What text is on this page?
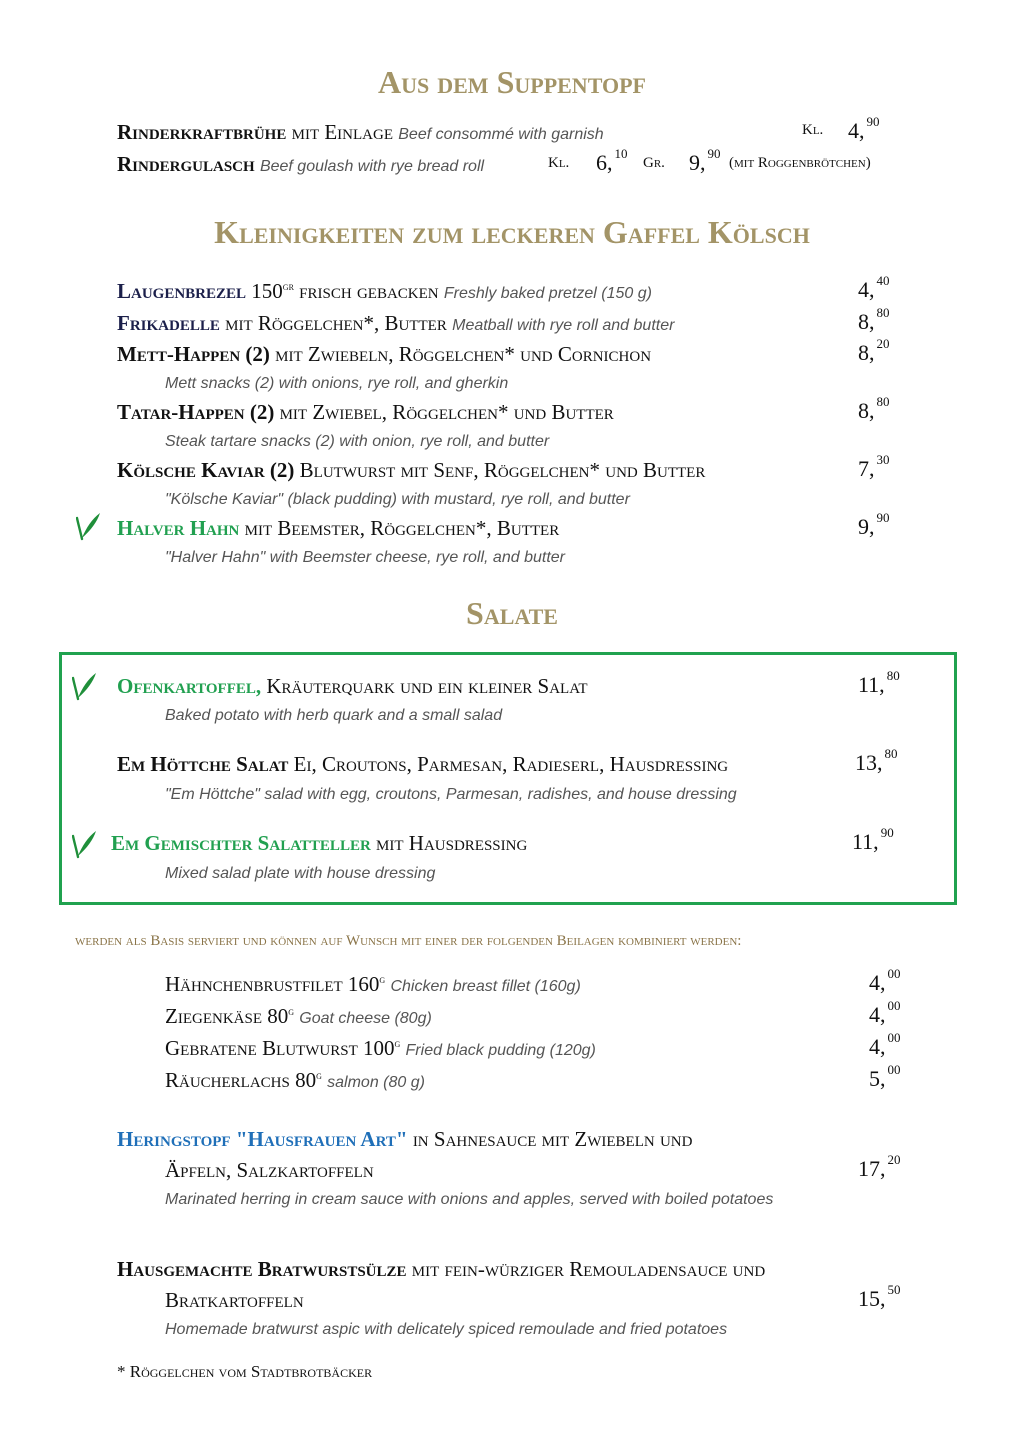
Aus dem Suppentopf
Rinderkraftbrühe mit Einlage Beef consommé with garnish	Kl. 4, $^{90}$
Rindergulasch Beef goulash with rye bread roll	Kl. 6, $^{10}$
Gr. 9, $^{90}$
(mit Roggenbrötchen)
Kleinigkeiten zum leckeren Gaffel Kölsch
Laugenbrezel $150^{gr}$ frisch gebacken Freshly baked pretzel (150 g)	4, $^{40}$
Frikadelle mit Röggelchen*, Butter Meatball with rye roll and butter	8, $^{80}$
Mett-Happen (2) mit Zwiebeln, Röggelchen* und Cornichon
Mett snacks (2) with onions, rye roll, and gherkin
8, $^{20}$
Tatar-Happen (2) mit Zwiebel, Röggelchen* und Butter
Steak tartare snacks (2) with onion, rye roll, and butter
8, $^{80}$
Kölsche Kaviar (2) Blutwurst mit Senf, Röggelchen* und Butter
"Kölsche Kaviar" (black pudding) with mustard, rye roll, and butter
7, $^{30}$
Halver Hahn mit Beemster, Röggelchen*, Butter
"Halver Hahn" with Beemster cheese, rye roll, and butter
9, $^{90}$
Salate
Ofenkartoffel, Kräuterquark und ein kleiner Salat
Baked potato with herb quark and a small salad
11, $^{80}$
Em Höttche Salat Ei, Croutons, Parmesan, Radieserl, Hausdressing
"Em Höttche" salad with egg, croutons, Parmesan, radishes, and house dressing
13, $^{80}$
Em Gemischter Salatteller mit Hausdressing
Mixed salad plate with house dressing
11, $^{90}$
werden als Basis serviert und können auf Wunsch mit einer der folgenden Beilagen kombiniert werden:
Hähnchenbrustfilet 160$^g$ Chicken breast fillet (160g)	4, $^{00}$
Ziegenkäse 80$^g$ Goat cheese (80g)	4, $^{00}$
Gebratene Blutwurst 100$^g$ Fried black pudding (120g)	4, $^{00}$
Räucherlachs 80$^g$ salmon (80 g)	5, $^{00}$
Heringstopf "Hausfrauen Art" in Sahnesauce mit Zwiebeln und
Äpfeln, Salzkartoffeln
Marinated herring in cream sauce with onions and apples, served with boiled potatoes
17, $^{20}$
Hausgemachte Bratwurstsülze mit fein-würziger Remouladensauce und
Bratkartoffeln
Homemade bratwurst aspic with delicately spiced remoulade and fried potatoes
15, $^{50}$
* Röggelchen vom Stadtbrotbäcker
